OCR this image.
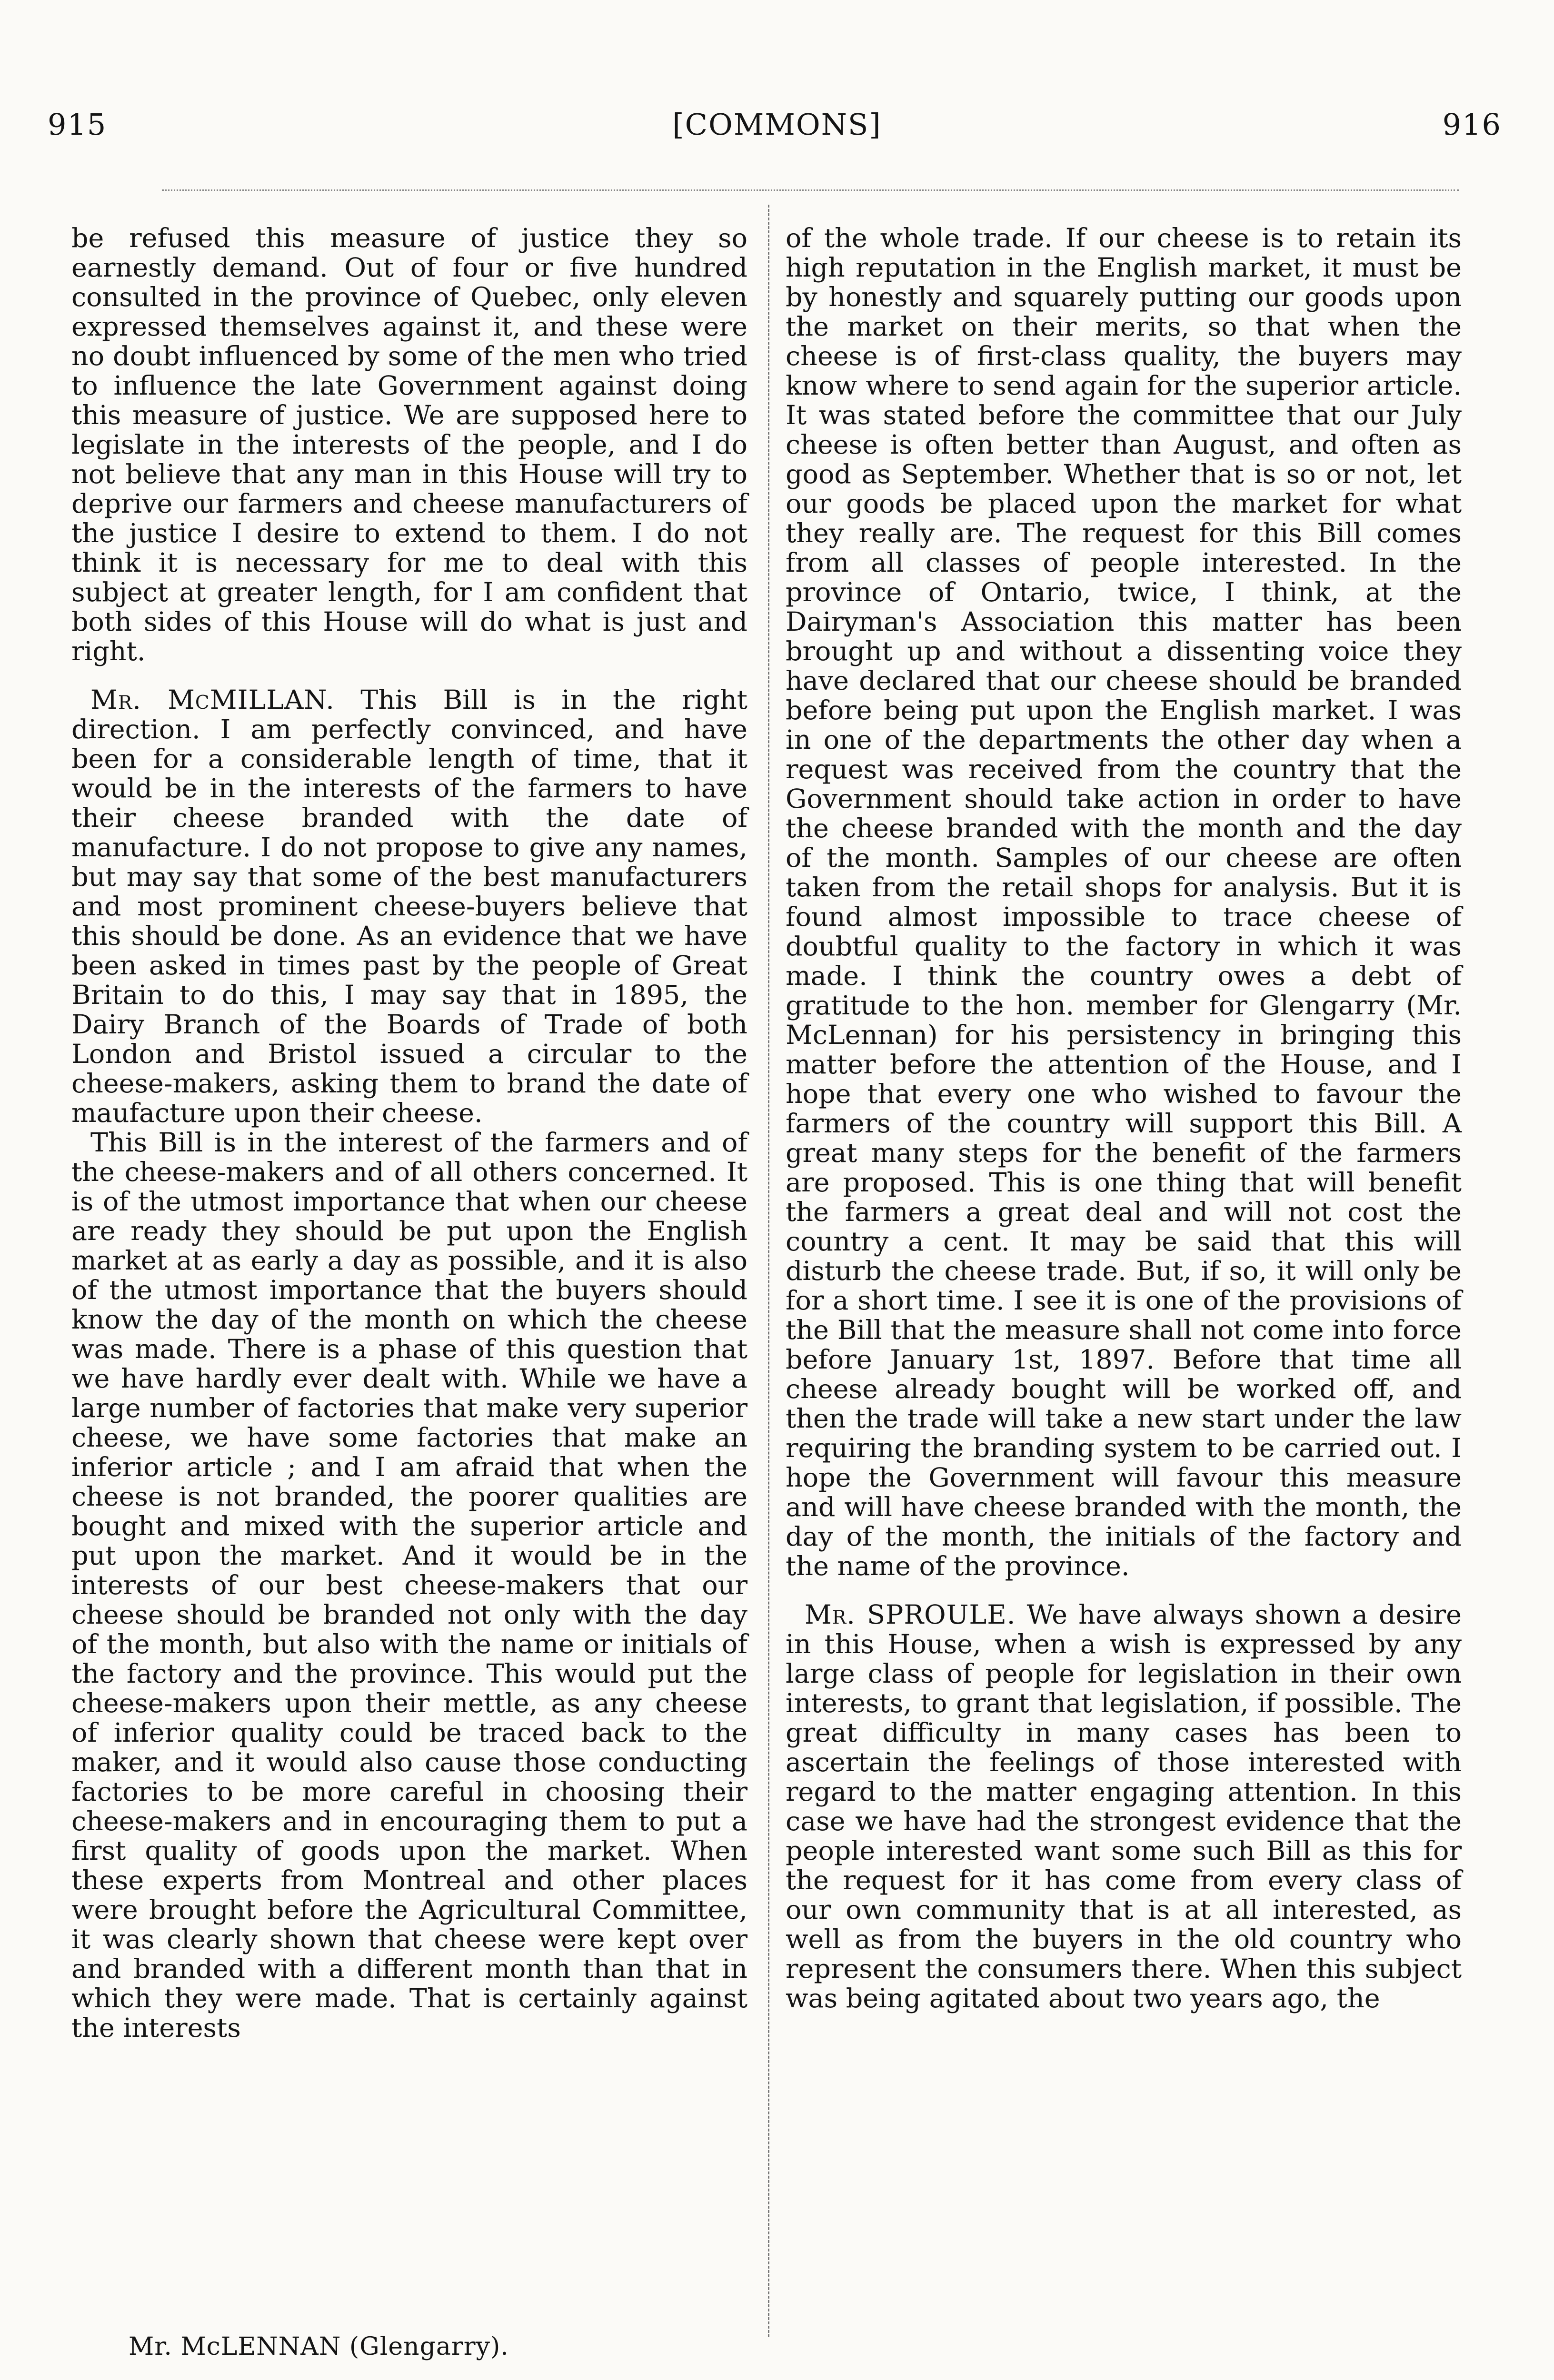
915	[COMMONS]	916

be refused this measure of justice they so earnestly demand. Out of four or five hundred consulted in the province of Quebec, only eleven expressed themselves against it, and these were no doubt influenced by some of the men who tried to influence the late Government against doing this measure of justice. We are supposed here to legislate in the interests of the people, and I do not believe that any man in this House will try to deprive our farmers and cheese manufacturers of the justice I desire to extend to them. I do not think it is necessary for me to deal with this subject at greater length, for I am confident that both sides of this House will do what is just and right.

Mr. McMILLAN. This Bill is in the right direction. I am perfectly convinced, and have been for a considerable length of time, that it would be in the interests of the farmers to have their cheese branded with the date of manufacture. I do not propose to give any names, but may say that some of the best manufacturers and most prominent cheese-buyers believe that this should be done. As an evidence that we have been asked in times past by the people of Great Britain to do this, I may say that in 1895, the Dairy Branch of the Boards of Trade of both London and Bristol issued a circular to the cheese-makers, asking them to brand the date of maufacture upon their cheese.

This Bill is in the interest of the farmers and of the cheese-makers and of all others concerned. It is of the utmost importance that when our cheese are ready they should be put upon the English market at as early a day as possible, and it is also of the utmost importance that the buyers should know the day of the month on which the cheese was made. There is a phase of this question that we have hardly ever dealt with. While we have a large number of factories that make very superior cheese, we have some factories that make an inferior article ; and I am afraid that when the cheese is not branded, the poorer qualities are bought and mixed with the superior article and put upon the market. And it would be in the interests of our best cheese-makers that our cheese should be branded not only with the day of the month, but also with the name or initials of the factory and the province. This would put the cheese-makers upon their mettle, as any cheese of inferior quality could be traced back to the maker, and it would also cause those conducting factories to be more careful in choosing their cheese-makers and in encouraging them to put a first quality of goods upon the market. When these experts from Montreal and other places were brought before the Agricultural Committee, it was clearly shown that cheese were kept over and branded with a different month than that in which they were made. That is certainly against the interests

of the whole trade. If our cheese is to retain its high reputation in the English market, it must be by honestly and squarely putting our goods upon the market on their merits, so that when the cheese is of first-class quality, the buyers may know where to send again for the superior article. It was stated before the committee that our July cheese is often better than August, and often as good as September. Whether that is so or not, let our goods be placed upon the market for what they really are. The request for this Bill comes from all classes of people interested. In the province of Ontario, twice, I think, at the Dairyman's Association this matter has been brought up and without a dissenting voice they have declared that our cheese should be branded before being put upon the English market. I was in one of the departments the other day when a request was received from the country that the Government should take action in order to have the cheese branded with the month and the day of the month. Samples of our cheese are often taken from the retail shops for analysis. But it is found almost impossible to trace cheese of doubtful quality to the factory in which it was made. I think the country owes a debt of gratitude to the hon. member for Glengarry (Mr. McLennan) for his persistency in bringing this matter before the attention of the House, and I hope that every one who wished to favour the farmers of the country will support this Bill. A great many steps for the benefit of the farmers are proposed. This is one thing that will benefit the farmers a great deal and will not cost the country a cent. It may be said that this will disturb the cheese trade. But, if so, it will only be for a short time. I see it is one of the provisions of the Bill that the measure shall not come into force before January 1st, 1897. Before that time all cheese already bought will be worked off, and then the trade will take a new start under the law requiring the branding system to be carried out. I hope the Government will favour this measure and will have cheese branded with the month, the day of the month, the initials of the factory and the name of the province.

Mr. SPROULE. We have always shown a desire in this House, when a wish is expressed by any large class of people for legislation in their own interests, to grant that legislation, if possible. The great difficulty in many cases has been to ascertain the feelings of those interested with regard to the matter engaging attention. In this case we have had the strongest evidence that the people interested want some such Bill as this for the request for it has come from every class of our own community that is at all interested, as well as from the buyers in the old country who represent the consumers there. When this subject was being agitated about two years ago, the

Mr. McLENNAN (Glengarry).
